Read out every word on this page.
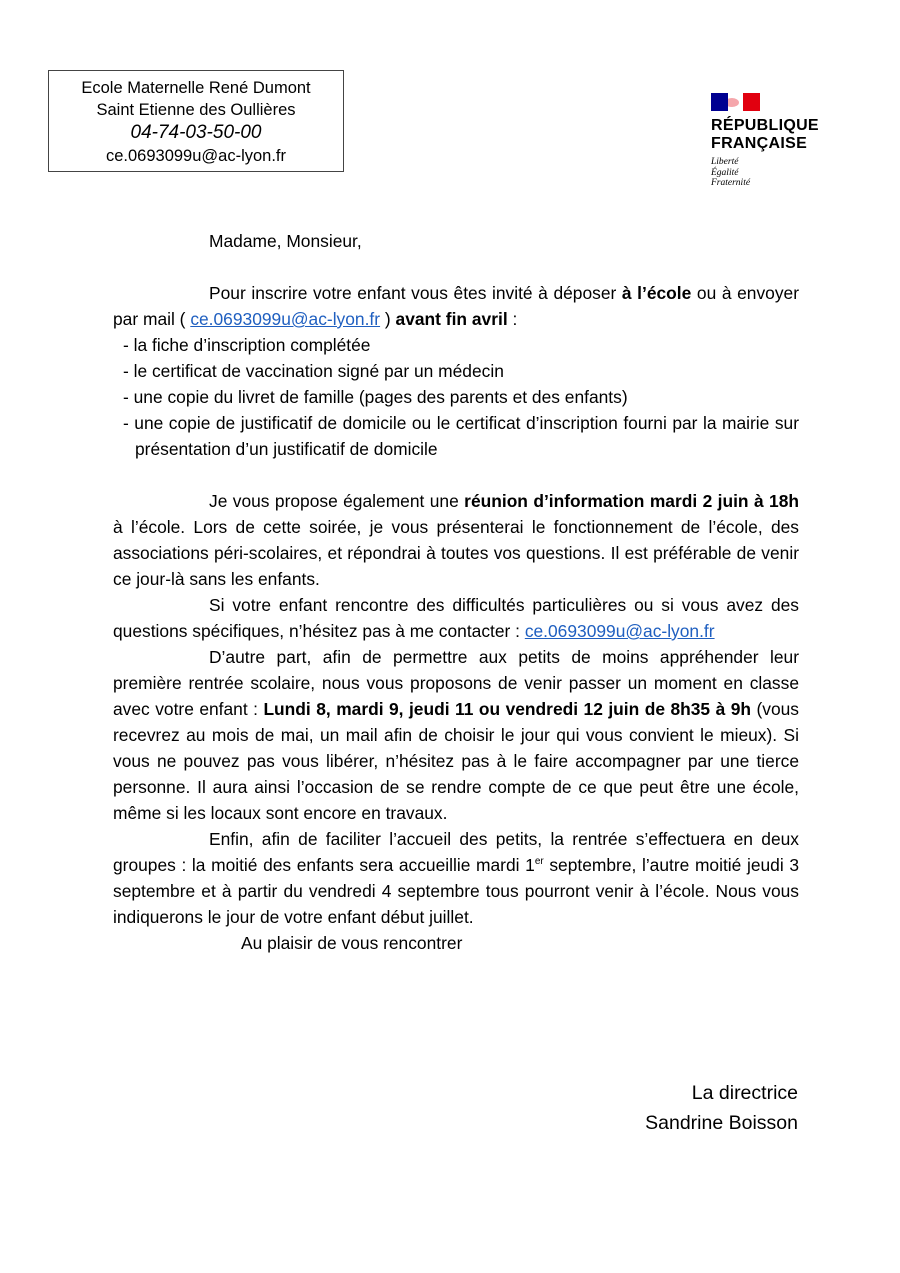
Ecole Maternelle René Dumont
Saint Etienne des Oullières
04-74-03-50-00
ce.0693099u@ac-lyon.fr
RÉPUBLIQUE
FRANÇAISE
Liberté
Égalité
Fraternité

Madame, Monsieur,

Pour inscrire votre enfant vous êtes invité à déposer à l’école ou à envoyer par mail ( ce.0693099u@ac-lyon.fr ) avant fin avril :

- la fiche d’inscription complétée
- le certificat de vaccination signé par un médecin
- une copie du livret de famille (pages des parents et des enfants)
- une copie de justificatif de domicile ou le certificat d’inscription fourni par la mairie sur présentation d’un justificatif de domicile

Je vous propose également une réunion d’information mardi 2 juin à 18h à l’école. Lors de cette soirée, je vous présenterai le fonctionnement de l’école, des associations péri-scolaires, et répondrai à toutes vos questions. Il est préférable de venir ce jour-là sans les enfants.

Si votre enfant rencontre des difficultés particulières ou si vous avez des questions spécifiques, n’hésitez pas à me contacter : ce.0693099u@ac-lyon.fr

D’autre part, afin de permettre aux petits de moins appréhender leur première rentrée scolaire, nous vous proposons de venir passer un moment en classe avec votre enfant : Lundi 8, mardi 9, jeudi 11 ou vendredi 12 juin de 8h35 à 9h (vous recevrez au mois de mai, un mail afin de choisir le jour qui vous convient le mieux). Si vous ne pouvez pas vous libérer, n’hésitez pas à le faire accompagner par une tierce personne. Il aura ainsi l’occasion de se rendre compte de ce que peut être une école, même si les locaux sont encore en travaux.

Enfin, afin de faciliter l’accueil des petits, la rentrée s’effectuera en deux groupes : la moitié des enfants sera accueillie mardi 1er septembre, l’autre moitié jeudi 3 septembre et à partir du vendredi 4 septembre tous pourront venir à l’école. Nous vous indiquerons le jour de votre enfant début juillet.

Au plaisir de vous rencontrer

La directrice
Sandrine Boisson
